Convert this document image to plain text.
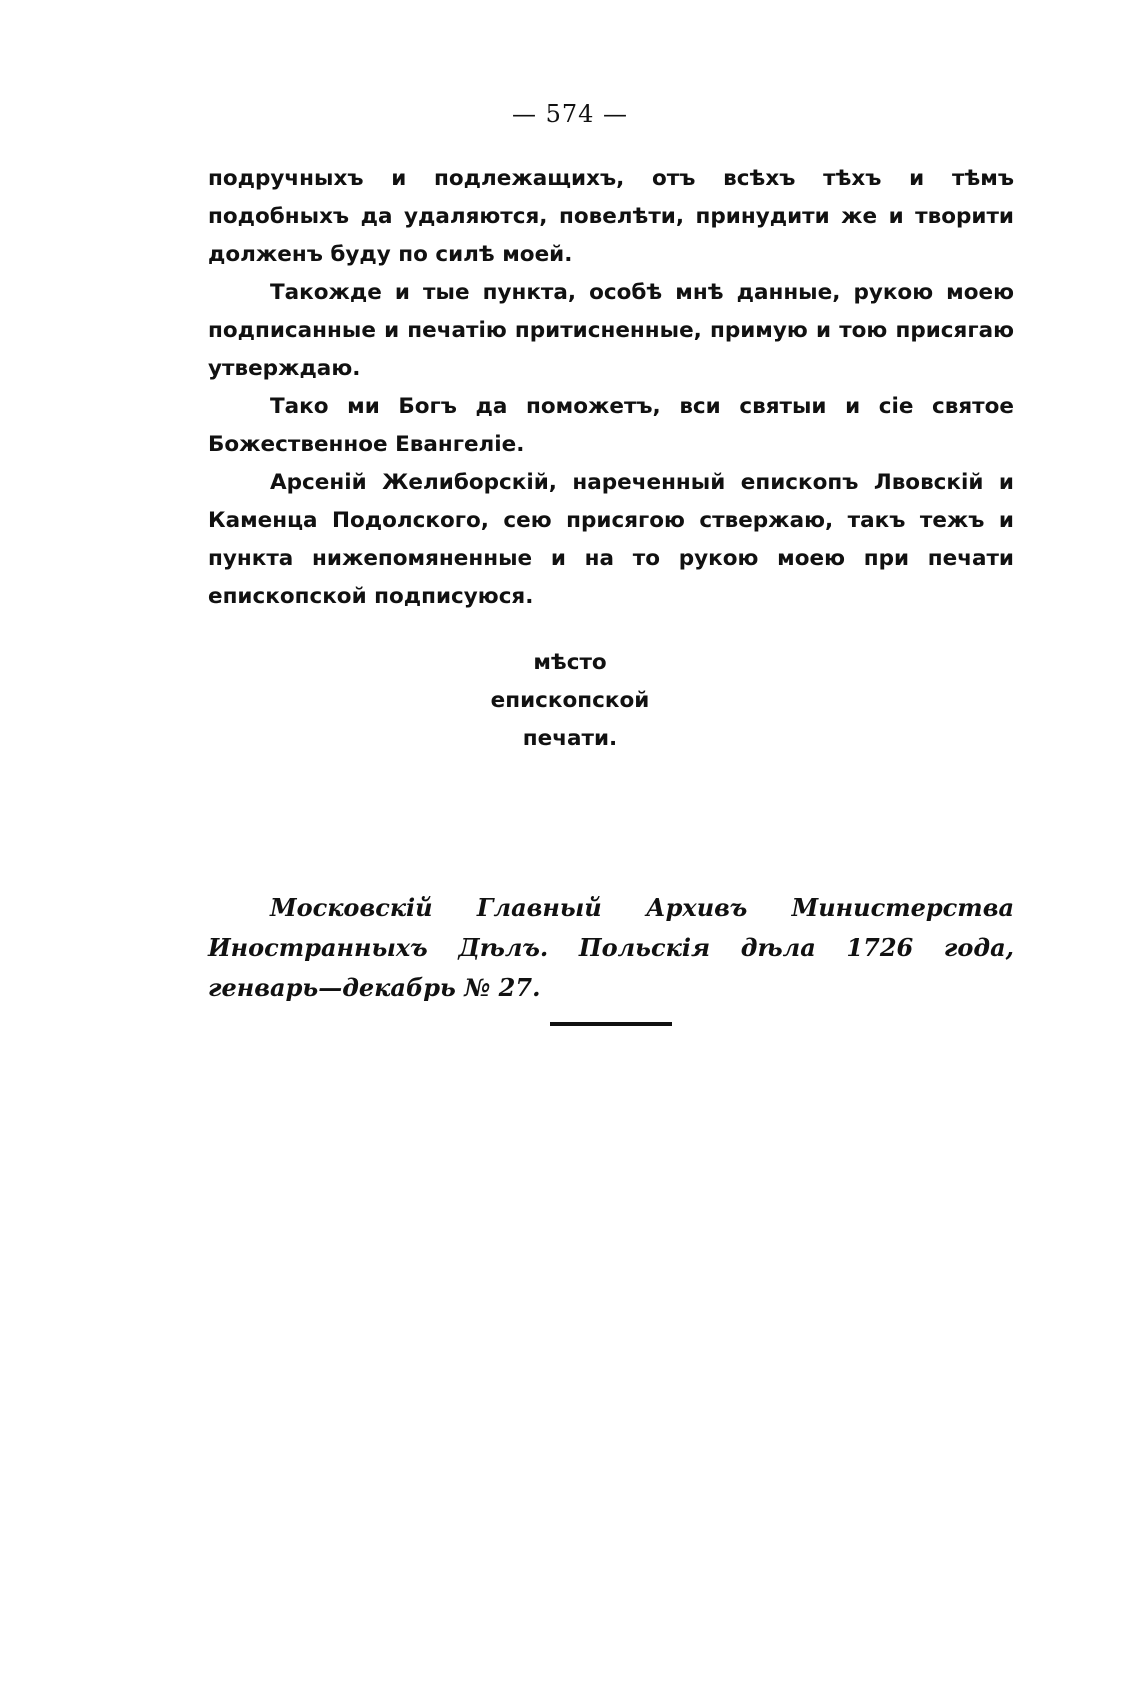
— 574 —

подручныхъ и подлежащихъ, отъ всѣхъ тѣхъ и тѣмъ подобныхъ да удаляются, повелѣти, принудити же и творити долженъ буду по силѣ моей.

Такожде и тые пункта, особѣ мнѣ данные, рукою моею подписанные и печатію притисненные, примую и тою присягаю утверждаю.

Тако ми Богъ да поможетъ, вси святыи и сіе святое Божественное Евангеліе.

Арсеній Желиборскій, нареченный епископъ Лвовскій и Каменца Подолского, сею присягою ствержаю, такъ тежъ и пункта нижепомяненные и на то рукою моею при печати епископской подписуюся.

мѣсто
епископской
печати.
Московскій Главный Архивъ Министерства Иностранныхъ Дѣлъ. Польскія дѣла 1726 года, генварь—декабрь № 27.
